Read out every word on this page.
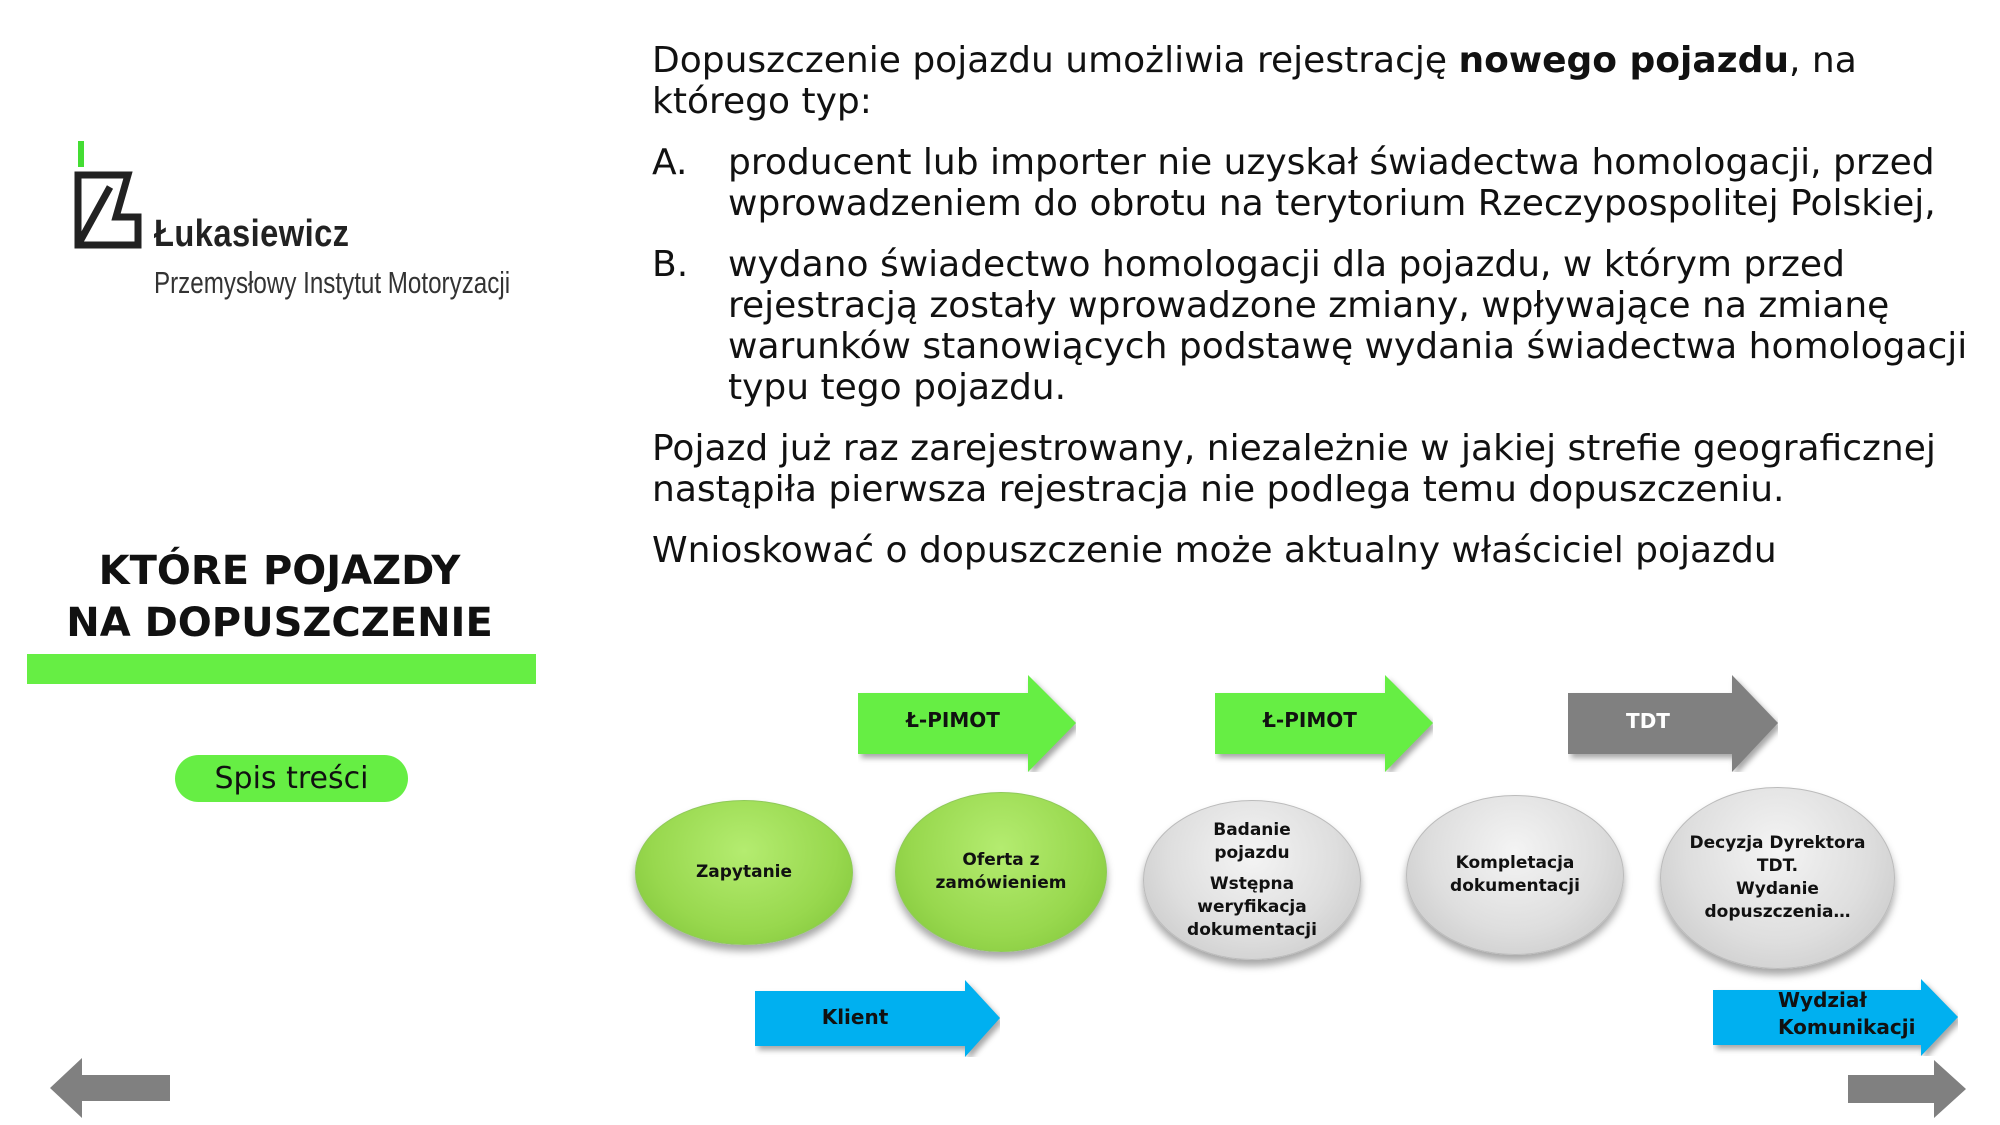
Łukasiewicz
Przemysłowy Instytut Motoryzacji
KTÓRE POJAZDY
NA DOPUSZCZENIE
Spis treści

Dopuszczenie pojazdu umożliwia rejestrację nowego pojazdu, na którego typ:

A. producent lub importer nie uzyskał świadectwa homologacji, przed wprowadzeniem do obrotu na terytorium Rzeczypospolitej Polskiej,
B. wydano świadectwo homologacji dla pojazdu, w którym przed rejestracją zostały wprowadzone zmiany, wpływające na zmianę warunków stanowiących podstawę wydania świadectwa homologacji typu tego pojazdu.

Pojazd już raz zarejestrowany, niezależnie w jakiej strefie geograficznej nastąpiła pierwsza rejestracja nie podlega temu dopuszczeniu.

Wnioskować o dopuszczenie może aktualny właściciel pojazdu

Ł-PIMOT	Ł-PIMOT	TDT
Zapytanie
Oferta z
zamówieniem
Badanie pojazdu
Wstępna weryfikacja dokumentacji
Kompletacja
dokumentacji
Decyzja Dyrektora TDT.
Wydanie dopuszczenia…
Klient
Wydział Komunikacji
